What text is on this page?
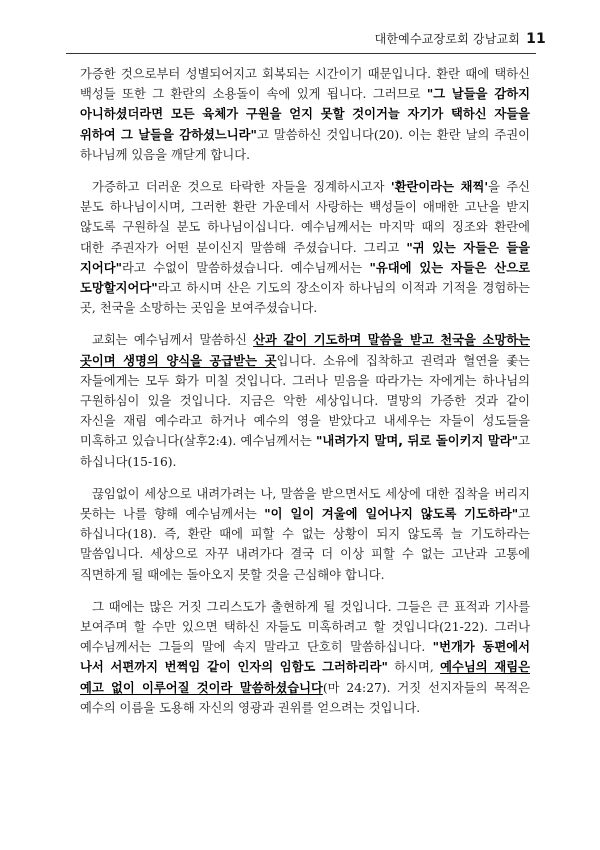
대한예수교장로회 강남교회 11

가증한 것으로부터 성별되어지고 회복되는 시간이기 때문입니다. 환란 때에 택하신 백성들 또한 그 환란의 소용돌이 속에 있게 됩니다. 그러므로 "그 날들을 감하지 아니하셨더라면 모든 육체가 구원을 얻지 못할 것이거늘 자기가 택하신 자들을 위하여 그 날들을 감하셨느니라"고 말씀하신 것입니다(20). 이는 환란 날의 주권이 하나님께 있음을 깨닫게 합니다.

가증하고 더러운 것으로 타락한 자들을 징계하시고자 '환란이라는 채찍'을 주신 분도 하나님이시며, 그러한 환란 가운데서 사랑하는 백성들이 애매한 고난을 받지 않도록 구원하실 분도 하나님이십니다. 예수님께서는 마지막 때의 징조와 환란에 대한 주권자가 어떤 분이신지 말씀해 주셨습니다. 그리고 "귀 있는 자들은 들을 지어다"라고 수없이 말씀하셨습니다. 예수님께서는 "유대에 있는 자들은 산으로 도망할지어다"라고 하시며 산은 기도의 장소이자 하나님의 이적과 기적을 경험하는 곳, 천국을 소망하는 곳임을 보여주셨습니다.

교회는 예수님께서 말씀하신 산과 같이 기도하며 말씀을 받고 천국을 소망하는 곳이며 생명의 양식을 공급받는 곳입니다. 소유에 집착하고 권력과 혈연을 좇는 자들에게는 모두 화가 미칠 것입니다. 그러나 믿음을 따라가는 자에게는 하나님의 구원하심이 있을 것입니다. 지금은 악한 세상입니다. 멸망의 가증한 것과 같이 자신을 재림 예수라고 하거나 예수의 영을 받았다고 내세우는 자들이 성도들을 미혹하고 있습니다(살후2:4). 예수님께서는 "내려가지 말며, 뒤로 돌이키지 말라"고 하십니다(15-16).

끊임없이 세상으로 내려가려는 나, 말씀을 받으면서도 세상에 대한 집착을 버리지 못하는 나를 향해 예수님께서는 "이 일이 겨울에 일어나지 않도록 기도하라"고 하십니다(18). 즉, 환란 때에 피할 수 없는 상황이 되지 않도록 늘 기도하라는 말씀입니다. 세상으로 자꾸 내려가다 결국 더 이상 피할 수 없는 고난과 고통에 직면하게 될 때에는 돌아오지 못할 것을 근심해야 합니다.

그 때에는 많은 거짓 그리스도가 출현하게 될 것입니다. 그들은 큰 표적과 기사를 보여주며 할 수만 있으면 택하신 자들도 미혹하려고 할 것입니다(21-22). 그러나 예수님께서는 그들의 말에 속지 말라고 단호히 말씀하십니다. "번개가 동편에서 나서 서편까지 번쩍임 같이 인자의 임함도 그러하리라" 하시며, 예수님의 재림은 예고 없이 이루어질 것이라 말씀하셨습니다(마 24:27). 거짓 선지자들의 목적은 예수의 이름을 도용해 자신의 영광과 권위를 얻으려는 것입니다.
